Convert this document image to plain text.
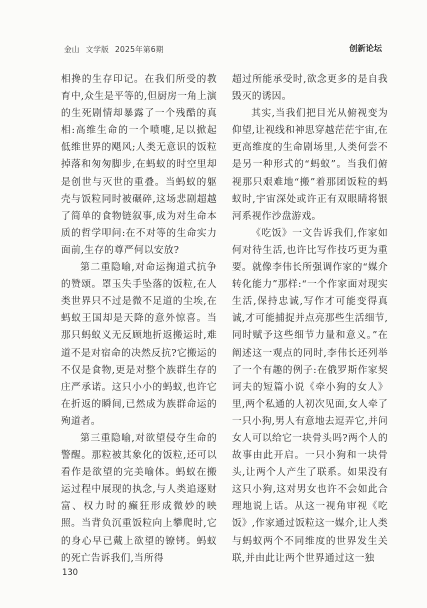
金山 文学版 2025年第6期	创新论坛

相搀的生存印记。在我们所受的教育中,众生是平等的,但厨房一角上演的生死剧情却暴露了一个残酷的真相:高维生命的一个喷嚏,足以掀起低维世界的飓风;人类无意识的饭粒掉落和匆匆脚步,在蚂蚁的时空里却是创世与灭世的重叠。当蚂蚁的躯壳与饭粒同时被碾碎,这场悲剧超越了简单的食物链叙事,成为对生命本质的哲学叩问:在不对等的生命实力面前,生存的尊严何以安放?

第二重隐喻,对命运掬道式抗争的赞颂。罩玉失手坠落的饭粒,在人类世界只不过是微不足道的尘埃,在蚂蚁王国却是天降的意外惊喜。当那只蚂蚁义无反顾地折返搬运时,难道不是对宿命的决然反抗?它搬运的不仅是食物,更是对整个族群生存的庄严承诺。这只小小的蚂蚁,也许它在折返的瞬间,已然成为族群命运的殉道者。

第三重隐喻,对欲望侵夺生命的警醒。那粒被其象化的饭粒,还可以看作是欲望的完美喻体。蚂蚁在搬运过程中展现的执念,与人类追逐财富、权力时的癫狂形成微妙的映照。当背负沉重饭粒向上攀爬时,它的身心早已戴上欲望的镣铐。蚂蚁的死亡告诉我们,当所得

超过所能承受时,欲念更多的是自我毁灭的诱因。

其实,当我们把目光从俯视变为仰望,让视线和神思穿越茫茫宇宙,在更高维度的生命剧场里,人类何尝不是另一种形式的“蚂蚁”。当我们俯视那只艰难地“搬”着那团饭粒的蚂蚁时,宇宙深处或许正有双眼睛将银河系视作沙盘游戏。

《吃饭》一文告诉我们,作家如何对待生活,也许比写作技巧更为重要。就像李伟长所强调作家的“媒介转化能力”那样:“一个作家面对现实生活,保持忠诚,写作才可能变得真诚,才可能捕捉并点亮那些生活细节,同时赋予这些细节力量和意义。”在阐述这一观点的同时,李伟长还列举了一个有趣的例子:在俄罗斯作家契诃夫的短篇小说《牵小狗的女人》里,两个私通的人初次见面,女人牵了一只小狗,男人有意地去逗弄它,并问女人可以给它一块骨头吗?两个人的故事由此开启。一只小狗和一块骨头,让两个人产生了联系。如果没有这只小狗,这对男女也许不会如此合理地说上话。从这一视角审视《吃饭》,作家通过饭粒这一媒介,让人类与蚂蚁两个不同维度的世界发生关联,并由此让两个世界通过这一独

130
